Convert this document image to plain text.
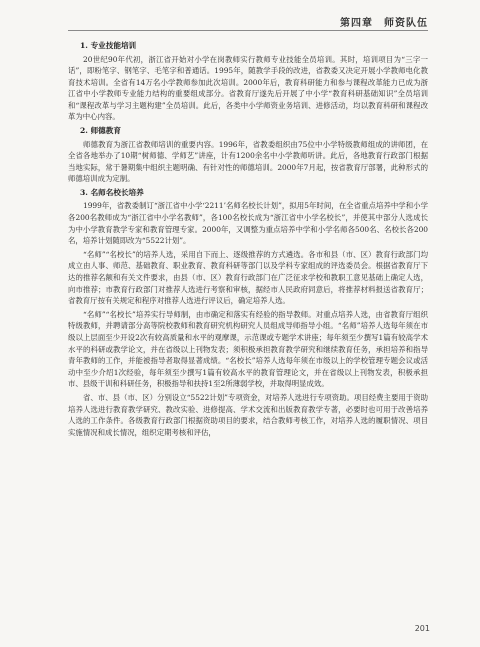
第四章　师资队伍
1. 专业技能培训

20世纪90年代初，浙江省开始对小学在岗教师实行教师专业技能全员培训。其时，培训项目为“三字一话”，即粉笔字、钢笔字、毛笔字和普通话。1995年，随教学手段的改进，省教委又决定开展小学教师电化教育技术培训。全省有14万名小学教师参加此次培训。2000年后，教育科研能力和参与课程改革能力已成为浙江省中小学教师专业能力结构的重要组成部分。省教育厅遂先后开展了中小学“教育科研基础知识”全员培训和“课程改革与学习主题构建”全员培训。此后，各类中小学师资业务培训、进修活动，均以教育科研和课程改革为中心内容。

2. 师德教育

师德教育为浙江省教师培训的重要内容。1996年，省教委组织由75位中小学特级教师组成的讲师团，在全省各地举办了10期“树师德、学师艺”讲座，计有1200余名中小学教师听讲。此后，各地教育行政部门根据当地实际，常于暑期集中组织主题明确、有针对性的师德培训。2000年7月起，按省教育厅部署，此种形式的师德培训成为定制。

3. 名师名校长培养

1999年，省教委制订“浙江省中小学‘2211’名师名校长计划”，拟用5年时间，在全省重点培养中学和小学各200名教师成为“浙江省中小学名教师”，各100名校长成为“浙江省中小学名校长”，并使其中部分人选成长为中小学教育教学专家和教育管理专家。2000年，又调整为重点培养中学和小学名师各500名、名校长各200名，培养计划随即改为“5522计划”。

“名师”“名校长”的培养人选，采用自下而上、逐级推荐的方式遴选。各市和县（市、区）教育行政部门均成立由人事、师范、基础教育、职业教育、教育科研等部门以及学科专家组成的评选委员会。根据省教育厅下达的推荐名额和有关文件要求，由县（市、区）教育行政部门在广泛征求学校和教职工意见基础上确定人选，向市推荐；市教育行政部门对推荐人选进行考察和审核，据经市人民政府同意后，将推荐材料报送省教育厅；省教育厅按有关规定和程序对推荐人选进行评议后，确定培养人选。

“名师”“名校长”培养实行导师制，由市确定和落实有经验的指导教师。对重点培养人选，由省教育厅组织特级教师，并聘请部分高等院校教师和教育研究机构研究人员组成导师指导小组。“名师”培养人选每年须在市级以上层面至少开设2次有较高质量和水平的观摩课，示范课或专题学术讲座；每年须至少撰写1篇有较高学术水平的科研或教学论文，并在省级以上刊物发表；须积极承担教育教学研究和继续教育任务，承担培养和指导青年教师的工作，并能被指导者取得显著成绩。“名校长”培养人选每年须在市级以上的学校管理专题会议或活动中至少介绍1次经验，每年须至少撰写1篇有较高水平的教育管理论文，并在省级以上刊物发表，积极承担市、县级干训和科研任务，积极指导和扶持1至2所薄弱学校，并取得明显成效。

省、市、县（市、区）分别设立“5522计划”专项资金，对培养人选进行专项资助。项目经费主要用于资助培养人选进行教育教学研究、教改实验、进修提高、学术交流和出版教育教学专著，必要时也可用于改善培养人选的工作条件。各级教育行政部门根据资助项目的要求，结合教师考核工作，对培养人选的履职情况、项目实施情况和成长情况，组织定期考核和评估，

201
